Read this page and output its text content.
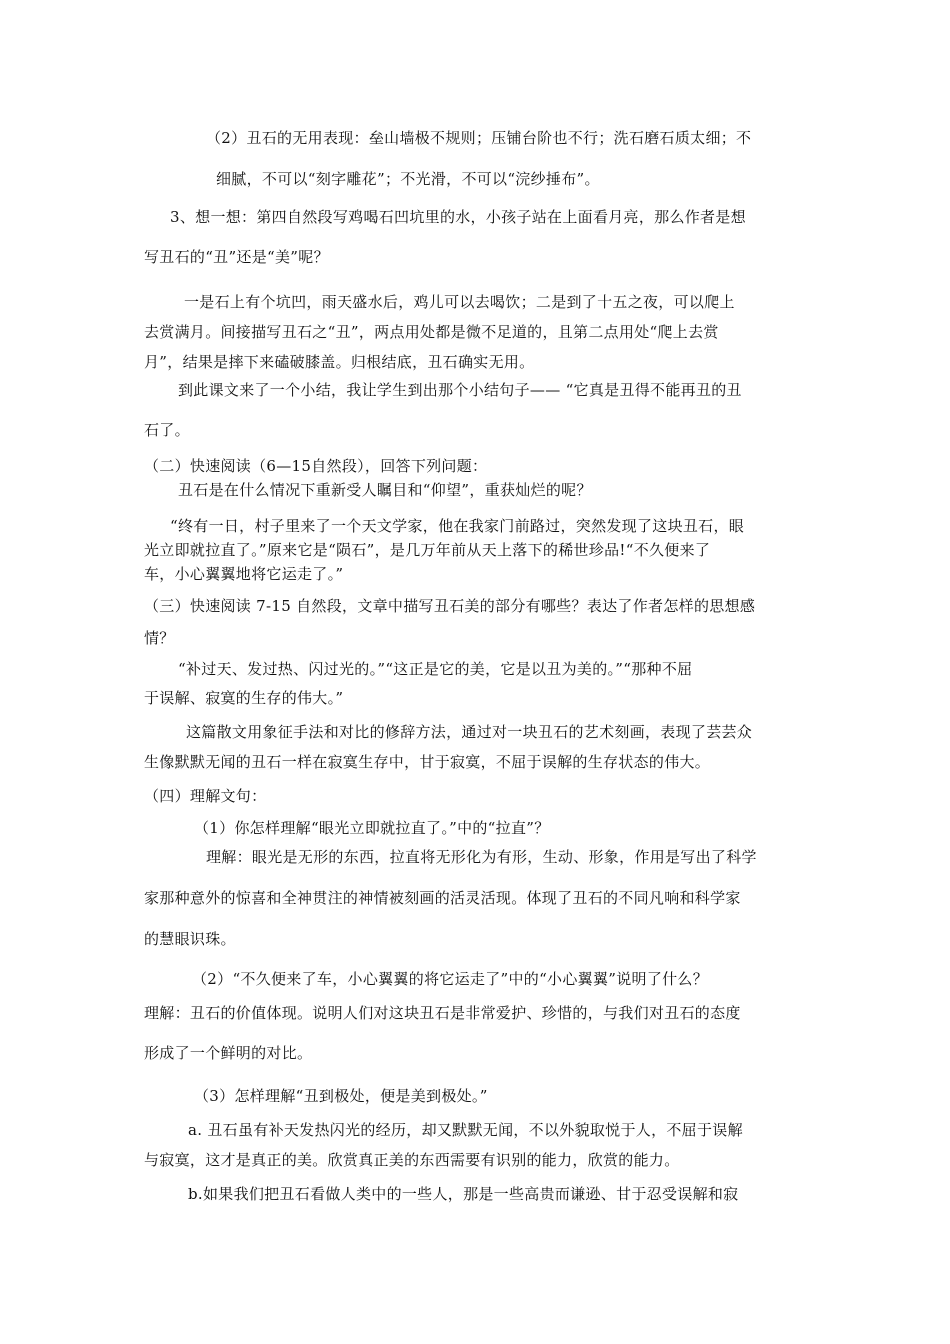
（2）丑石的无用表现：垒山墙极不规则；压铺台阶也不行；洗石磨石质太细；不
细腻，不可以“刻字雕花”；不光滑，不可以“浣纱捶布”。
3、想一想：第四自然段写鸡喝石凹坑里的水，小孩子站在上面看月亮，那么作者是想
写丑石的“丑”还是“美”呢？
一是石上有个坑凹，雨天盛水后，鸡儿可以去喝饮；二是到了十五之夜，可以爬上
去赏满月。间接描写丑石之“丑”，两点用处都是微不足道的，且第二点用处“爬上去赏
月”，结果是摔下来磕破膝盖。归根结底，丑石确实无用。
到此课文来了一个小结，我让学生到出那个小结句子—— “它真是丑得不能再丑的丑
石了。
（二）快速阅读（6—15自然段），回答下列问题：
丑石是在什么情况下重新受人瞩目和“仰望”，重获灿烂的呢？
“终有一日，村子里来了一个天文学家，他在我家门前路过，突然发现了这块丑石，眼
光立即就拉直了。”原来它是“陨石”，是几万年前从天上落下的稀世珍品!“不久便来了
车，小心翼翼地将它运走了。”
（三）快速阅读 7-15 自然段，文章中描写丑石美的部分有哪些？表达了作者怎样的思想感
情？
“补过天、发过热、闪过光的。”“这正是它的美，它是以丑为美的。”“那种不屈
于误解、寂寞的生存的伟大。”
这篇散文用象征手法和对比的修辞方法，通过对一块丑石的艺术刻画，表现了芸芸众
生像默默无闻的丑石一样在寂寞生存中，甘于寂寞，不屈于误解的生存状态的伟大。
（四）理解文句：
（1）你怎样理解“眼光立即就拉直了。”中的“拉直”？
理解：眼光是无形的东西，拉直将无形化为有形，生动、形象，作用是写出了科学
家那种意外的惊喜和全神贯注的神情被刻画的活灵活现。体现了丑石的不同凡响和科学家
的慧眼识珠。
（2）“不久便来了车，小心翼翼的将它运走了”中的“小心翼翼”说明了什么？
理解：丑石的价值体现。说明人们对这块丑石是非常爱护、珍惜的，与我们对丑石的态度
形成了一个鲜明的对比。
（3）怎样理解“丑到极处，便是美到极处。”
a. 丑石虽有补天发热闪光的经历，却又默默无闻，不以外貌取悦于人，不屈于误解
与寂寞，这才是真正的美。欣赏真正美的东西需要有识别的能力，欣赏的能力。
b.如果我们把丑石看做人类中的一些人，那是一些高贵而谦逊、甘于忍受误解和寂
